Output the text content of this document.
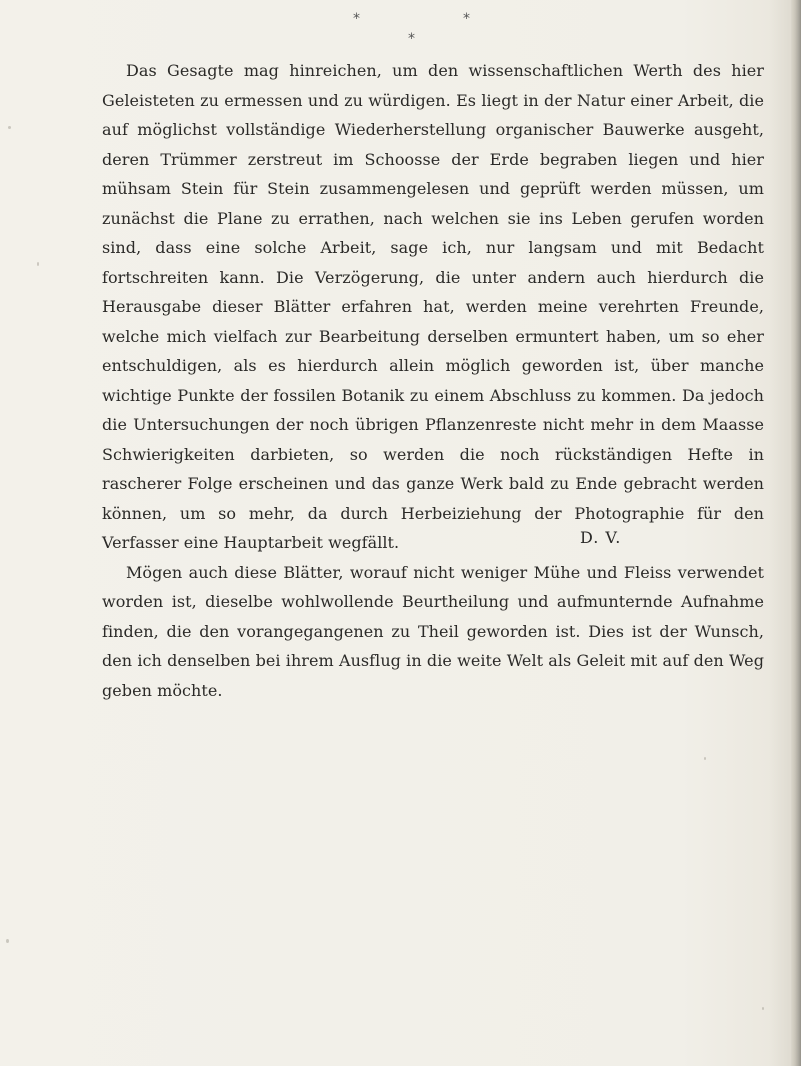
*	*
*

Das Gesagte mag hinreichen, um den wissenschaftlichen Werth des hier Geleisteten zu ermessen und zu würdigen. Es liegt in der Natur einer Arbeit, die auf möglichst vollständige Wiederherstellung organischer Bauwerke ausgeht, deren Trümmer zerstreut im Schoosse der Erde begraben liegen und hier mühsam Stein für Stein zusammengelesen und geprüft werden müssen, um zunächst die Plane zu errathen, nach welchen sie ins Leben gerufen worden sind, dass eine solche Arbeit, sage ich, nur langsam und mit Bedacht fortschreiten kann. Die Verzögerung, die unter andern auch hierdurch die Herausgabe dieser Blätter erfahren hat, werden meine verehrten Freunde, welche mich vielfach zur Bearbeitung derselben ermuntert haben, um so eher entschuldigen, als es hierdurch allein möglich geworden ist, über manche wichtige Punkte der fossilen Botanik zu einem Abschluss zu kommen. Da jedoch die Untersuchungen der noch übrigen Pflanzenreste nicht mehr in dem Maasse Schwierigkeiten darbieten, so werden die noch rückständigen Hefte in rascherer Folge erscheinen und das ganze Werk bald zu Ende gebracht werden können, um so mehr, da durch Herbeiziehung der Photographie für den Verfasser eine Hauptarbeit wegfällt.

Mögen auch diese Blätter, worauf nicht weniger Mühe und Fleiss verwendet worden ist, dieselbe wohlwollende Beurtheilung und aufmunternde Aufnahme finden, die den vorangegangenen zu Theil geworden ist. Dies ist der Wunsch, den ich denselben bei ihrem Ausflug in die weite Welt als Geleit mit auf den Weg geben möchte.

D. V.
